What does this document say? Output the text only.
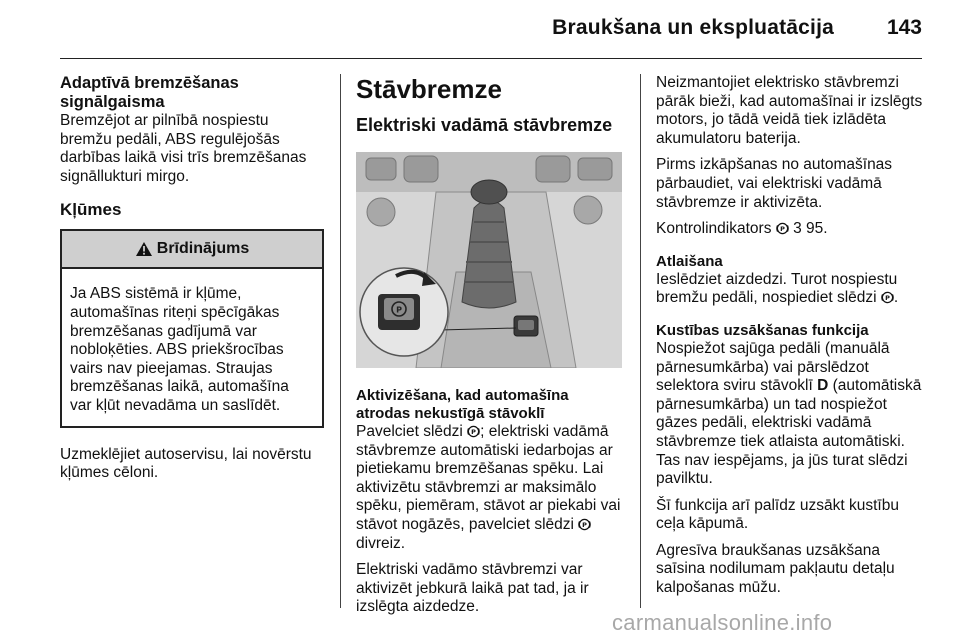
Braukšana un ekspluatācija	143
Adaptīvā bremzēšanas
signālgaisma

Bremzējot ar pilnībā nospiestu bremžu pedāli, ABS regulējošās darbības laikā visi trīs bremzēšanas signāllukturi mirgo.

Kļūmes
Brīdinājums

Ja ABS sistēmā ir kļūme, automašīnas riteņi spēcīgākas bremzēšanas gadījumā var nobloķēties. ABS priekšrocības vairs nav pieejamas. Straujas bremzēšanas laikā, automašīna var kļūt nevadāma un saslīdēt.

Uzmeklējiet autoservisu, lai novērstu kļūmes cēloni.

Stāvbremze
Elektriski vadāmā stāvbremze
P
Aktivizēšana, kad automašīna atrodas nekustīgā stāvoklī

Pavelciet slēdzi P ; elektriski vadāmā stāvbremze automātiski iedarbojas ar pietiekamu bremzēšanas spēku. Lai aktivizētu stāvbremzi ar maksimālo spēku, piemēram, stāvot ar piekabi vai stāvot nogāzēs, pavelciet slēdzi P
divreiz.

Elektriski vadāmo stāvbremzi var aktivizēt jebkurā laikā pat tad, ja ir izslēgta aizdedze.

Neizmantojiet elektrisko stāvbremzi pārāk bieži, kad automašīnai ir izslēgts motors, jo tādā veidā tiek izlādēta akumulatoru baterija.

Pirms izkāpšanas no automašīnas pārbaudiet, vai elektriski vadāmā stāvbremze ir aktivizēta.

Kontrolindikators P 3 95.

Atlaišana

Ieslēdziet aizdedzi. Turot nospiestu bremžu pedāli, nospiediet slēdzi P .

Kustības uzsākšanas funkcija

Nospiežot sajūga pedāli (manuālā pārnesumkārba) vai pārslēdzot selektora sviru stāvoklī D (automātiskā pārnesumkārba) un tad nospiežot gāzes pedāli, elektriski vadāmā stāvbremze tiek atlaista automātiski. Tas nav iespējams, ja jūs turat slēdzi pavilktu.

Šī funkcija arī palīdz uzsākt kustību ceļa kāpumā.

Agresīva braukšanas uzsākšana saīsina nodilumam pakļautu detaļu kalpošanas mūžu.

carmanualsonline.info
